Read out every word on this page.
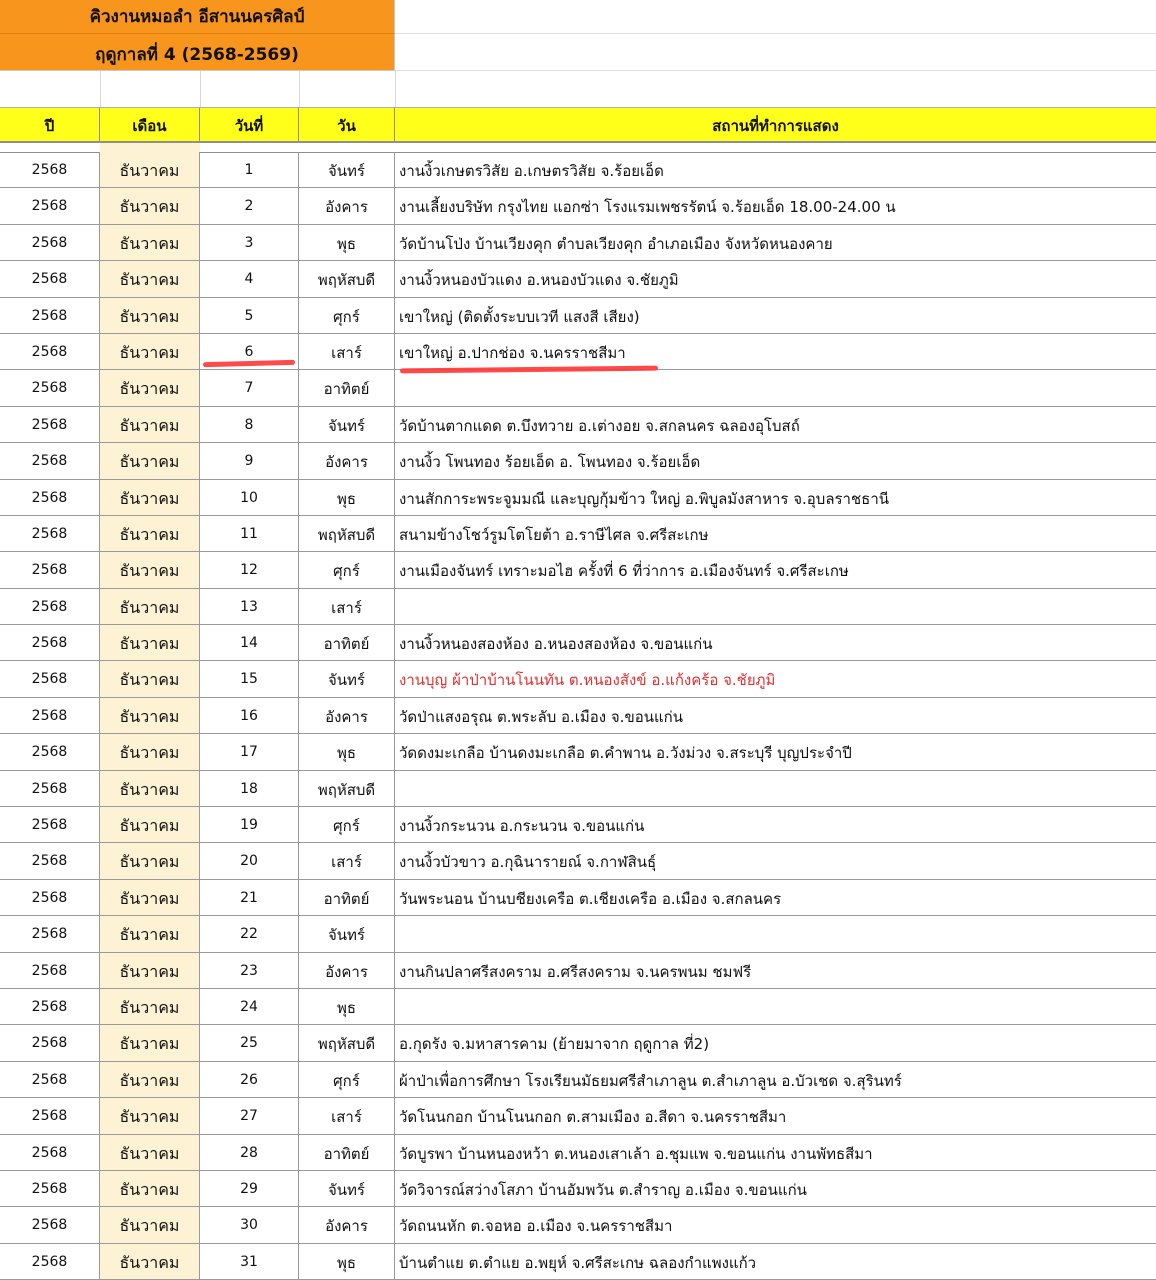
คิวงานหมอลำ อีสานนครศิลป์
ฤดูกาลที่ 4 (2568-2569)
ปี	เดือน	วันที่	วัน	สถานที่ทำการแสดง
2568	ธันวาคม	1	จันทร์	งานงิ้วเกษตรวิสัย อ.เกษตรวิสัย จ.ร้อยเอ็ด
2568	ธันวาคม	2	อังคาร	งานเลี้ยงบริษัท กรุงไทย แอกซ่า โรงแรมเพชรรัตน์ จ.ร้อยเอ็ด 18.00-24.00 น
2568	ธันวาคม	3	พุธ	วัดบ้านโป่ง บ้านเวียงคุก ตำบลเวียงคุก อำเภอเมือง จังหวัดหนองคาย
2568	ธันวาคม	4	พฤหัสบดี	งานงิ้วหนองบัวแดง อ.หนองบัวแดง จ.ชัยภูมิ
2568	ธันวาคม	5	ศุกร์	เขาใหญ่ (ติดตั้งระบบเวที แสงสี เสียง)
2568	ธันวาคม	6	เสาร์	เขาใหญ่ อ.ปากช่อง จ.นครราชสีมา
2568	ธันวาคม	7	อาทิตย์
2568	ธันวาคม	8	จันทร์	วัดบ้านตากแดด ต.บึงทวาย อ.เต่างอย จ.สกลนคร ฉลองอุโบสถ์
2568	ธันวาคม	9	อังคาร	งานงิ้ว โพนทอง ร้อยเอ็ด อ. โพนทอง จ.ร้อยเอ็ด
2568	ธันวาคม	10	พุธ	งานสักการะพระจูมมณี และบุญกุ้มข้าว ใหญ่ อ.พิบูลมังสาหาร จ.อุบลราชธานี
2568	ธันวาคม	11	พฤหัสบดี	สนามข้างโชว์รูมโตโยต้า อ.ราษีไศล จ.ศรีสะเกษ
2568	ธันวาคม	12	ศุกร์	งานเมืองจันทร์ เทราะมอไฮ ครั้งที่ 6 ที่ว่าการ อ.เมืองจันทร์ จ.ศรีสะเกษ
2568	ธันวาคม	13	เสาร์
2568	ธันวาคม	14	อาทิตย์	งานงิ้วหนองสองห้อง อ.หนองสองห้อง จ.ขอนแก่น
2568	ธันวาคม	15	จันทร์	งานบุญ ผ้าป่าบ้านโนนทัน ต.หนองสังข์ อ.แก้งคร้อ จ.ชัยภูมิ
2568	ธันวาคม	16	อังคาร	วัดป่าแสงอรุณ ต.พระลับ อ.เมือง จ.ขอนแก่น
2568	ธันวาคม	17	พุธ	วัดดงมะเกลือ บ้านดงมะเกลือ ต.คำพาน อ.วังม่วง จ.สระบุรี บุญประจำปี
2568	ธันวาคม	18	พฤหัสบดี
2568	ธันวาคม	19	ศุกร์	งานงิ้วกระนวน อ.กระนวน จ.ขอนแก่น
2568	ธันวาคม	20	เสาร์	งานงิ้วบัวขาว อ.กุฉินารายณ์ จ.กาฬสินธุ์
2568	ธันวาคม	21	อาทิตย์	วันพระนอน บ้านบชียงเครือ ต.เชียงเครือ อ.เมือง จ.สกลนคร
2568	ธันวาคม	22	จันทร์
2568	ธันวาคม	23	อังคาร	งานกินปลาศรีสงคราม อ.ศรีสงคราม จ.นครพนม ชมฟรี
2568	ธันวาคม	24	พุธ
2568	ธันวาคม	25	พฤหัสบดี	อ.กุดรัง จ.มหาสารคาม (ย้ายมาจาก ฤดูกาล ที่2)
2568	ธันวาคม	26	ศุกร์	ผ้าป่าเพื่อการศึกษา โรงเรียนมัธยมศรีสำเภาลูน ต.สำเภาลูน อ.บัวเชด จ.สุรินทร์
2568	ธันวาคม	27	เสาร์	วัดโนนกอก บ้านโนนกอก ต.สามเมือง อ.สีดา จ.นครราชสีมา
2568	ธันวาคม	28	อาทิตย์	วัดบูรพา บ้านหนองหว้า ต.หนองเสาเล้า อ.ชุมแพ จ.ขอนแก่น งานพัทธสีมา
2568	ธันวาคม	29	จันทร์	วัดวิจารณ์สว่างโสภา บ้านอัมพวัน ต.สำราญ อ.เมือง จ.ขอนแก่น
2568	ธันวาคม	30	อังคาร	วัดถนนหัก ต.จอหอ อ.เมือง จ.นครราชสีมา
2568	ธันวาคม	31	พุธ	บ้านตำแย ต.ตำแย อ.พยุห์ จ.ศรีสะเกษ ฉลองกำแพงแก้ว
